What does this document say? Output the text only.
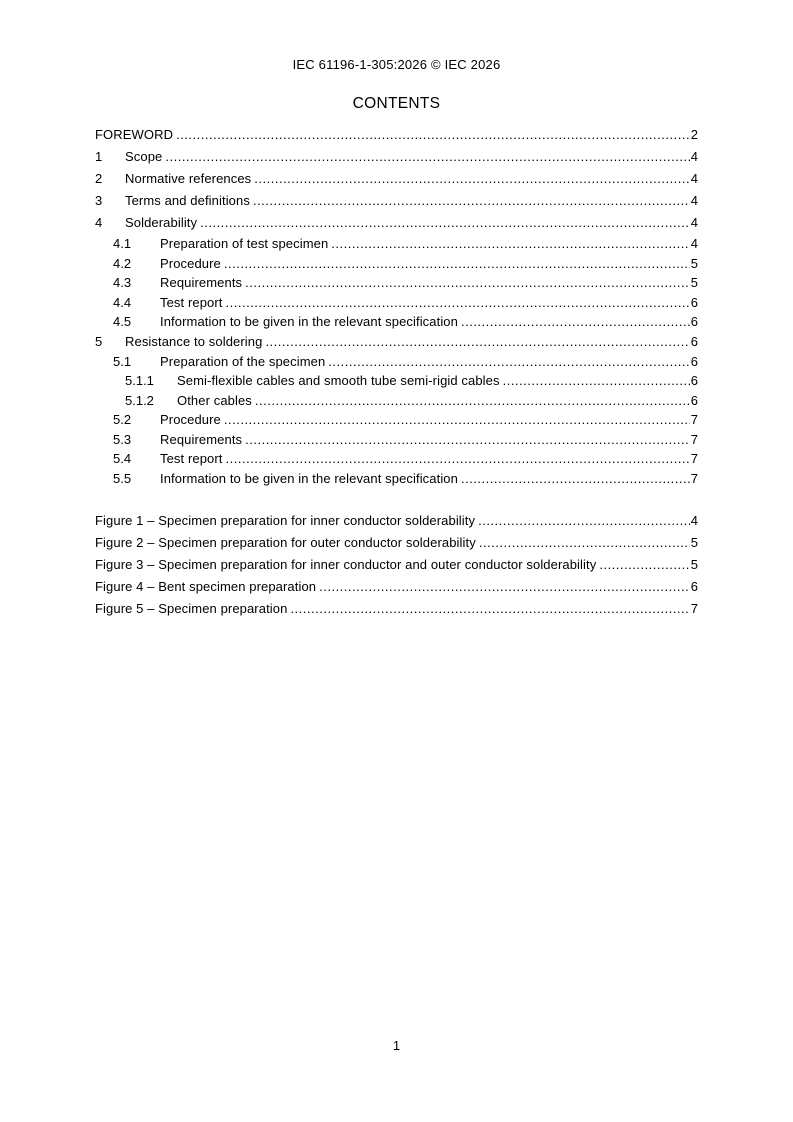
IEC 61196-1-305:2026 © IEC 2026
CONTENTS
FOREWORD .....	2
1	Scope .....	4
2	Normative references .....	4
3	Terms and definitions .....	4
4	Solderability .....	4
4.1	Preparation of test specimen .....	4
4.2	Procedure .....	5
4.3	Requirements .....	5
4.4	Test report .....	6
4.5	Information to be given in the relevant specification .....	6
5	Resistance to soldering .....	6
5.1	Preparation of the specimen .....	6
5.1.1	Semi-flexible cables and smooth tube semi-rigid cables .....	6
5.1.2	Other cables .....	6
5.2	Procedure .....	7
5.3	Requirements .....	7
5.4	Test report .....	7
5.5	Information to be given in the relevant specification .....	7
Figure 1 – Specimen preparation for inner conductor solderability .....	4
Figure 2 – Specimen preparation for outer conductor solderability .....	5
Figure 3 – Specimen preparation for inner conductor and outer conductor solderability .....	5
Figure 4 – Bent specimen preparation .....	6
Figure 5 – Specimen preparation .....	7
1
